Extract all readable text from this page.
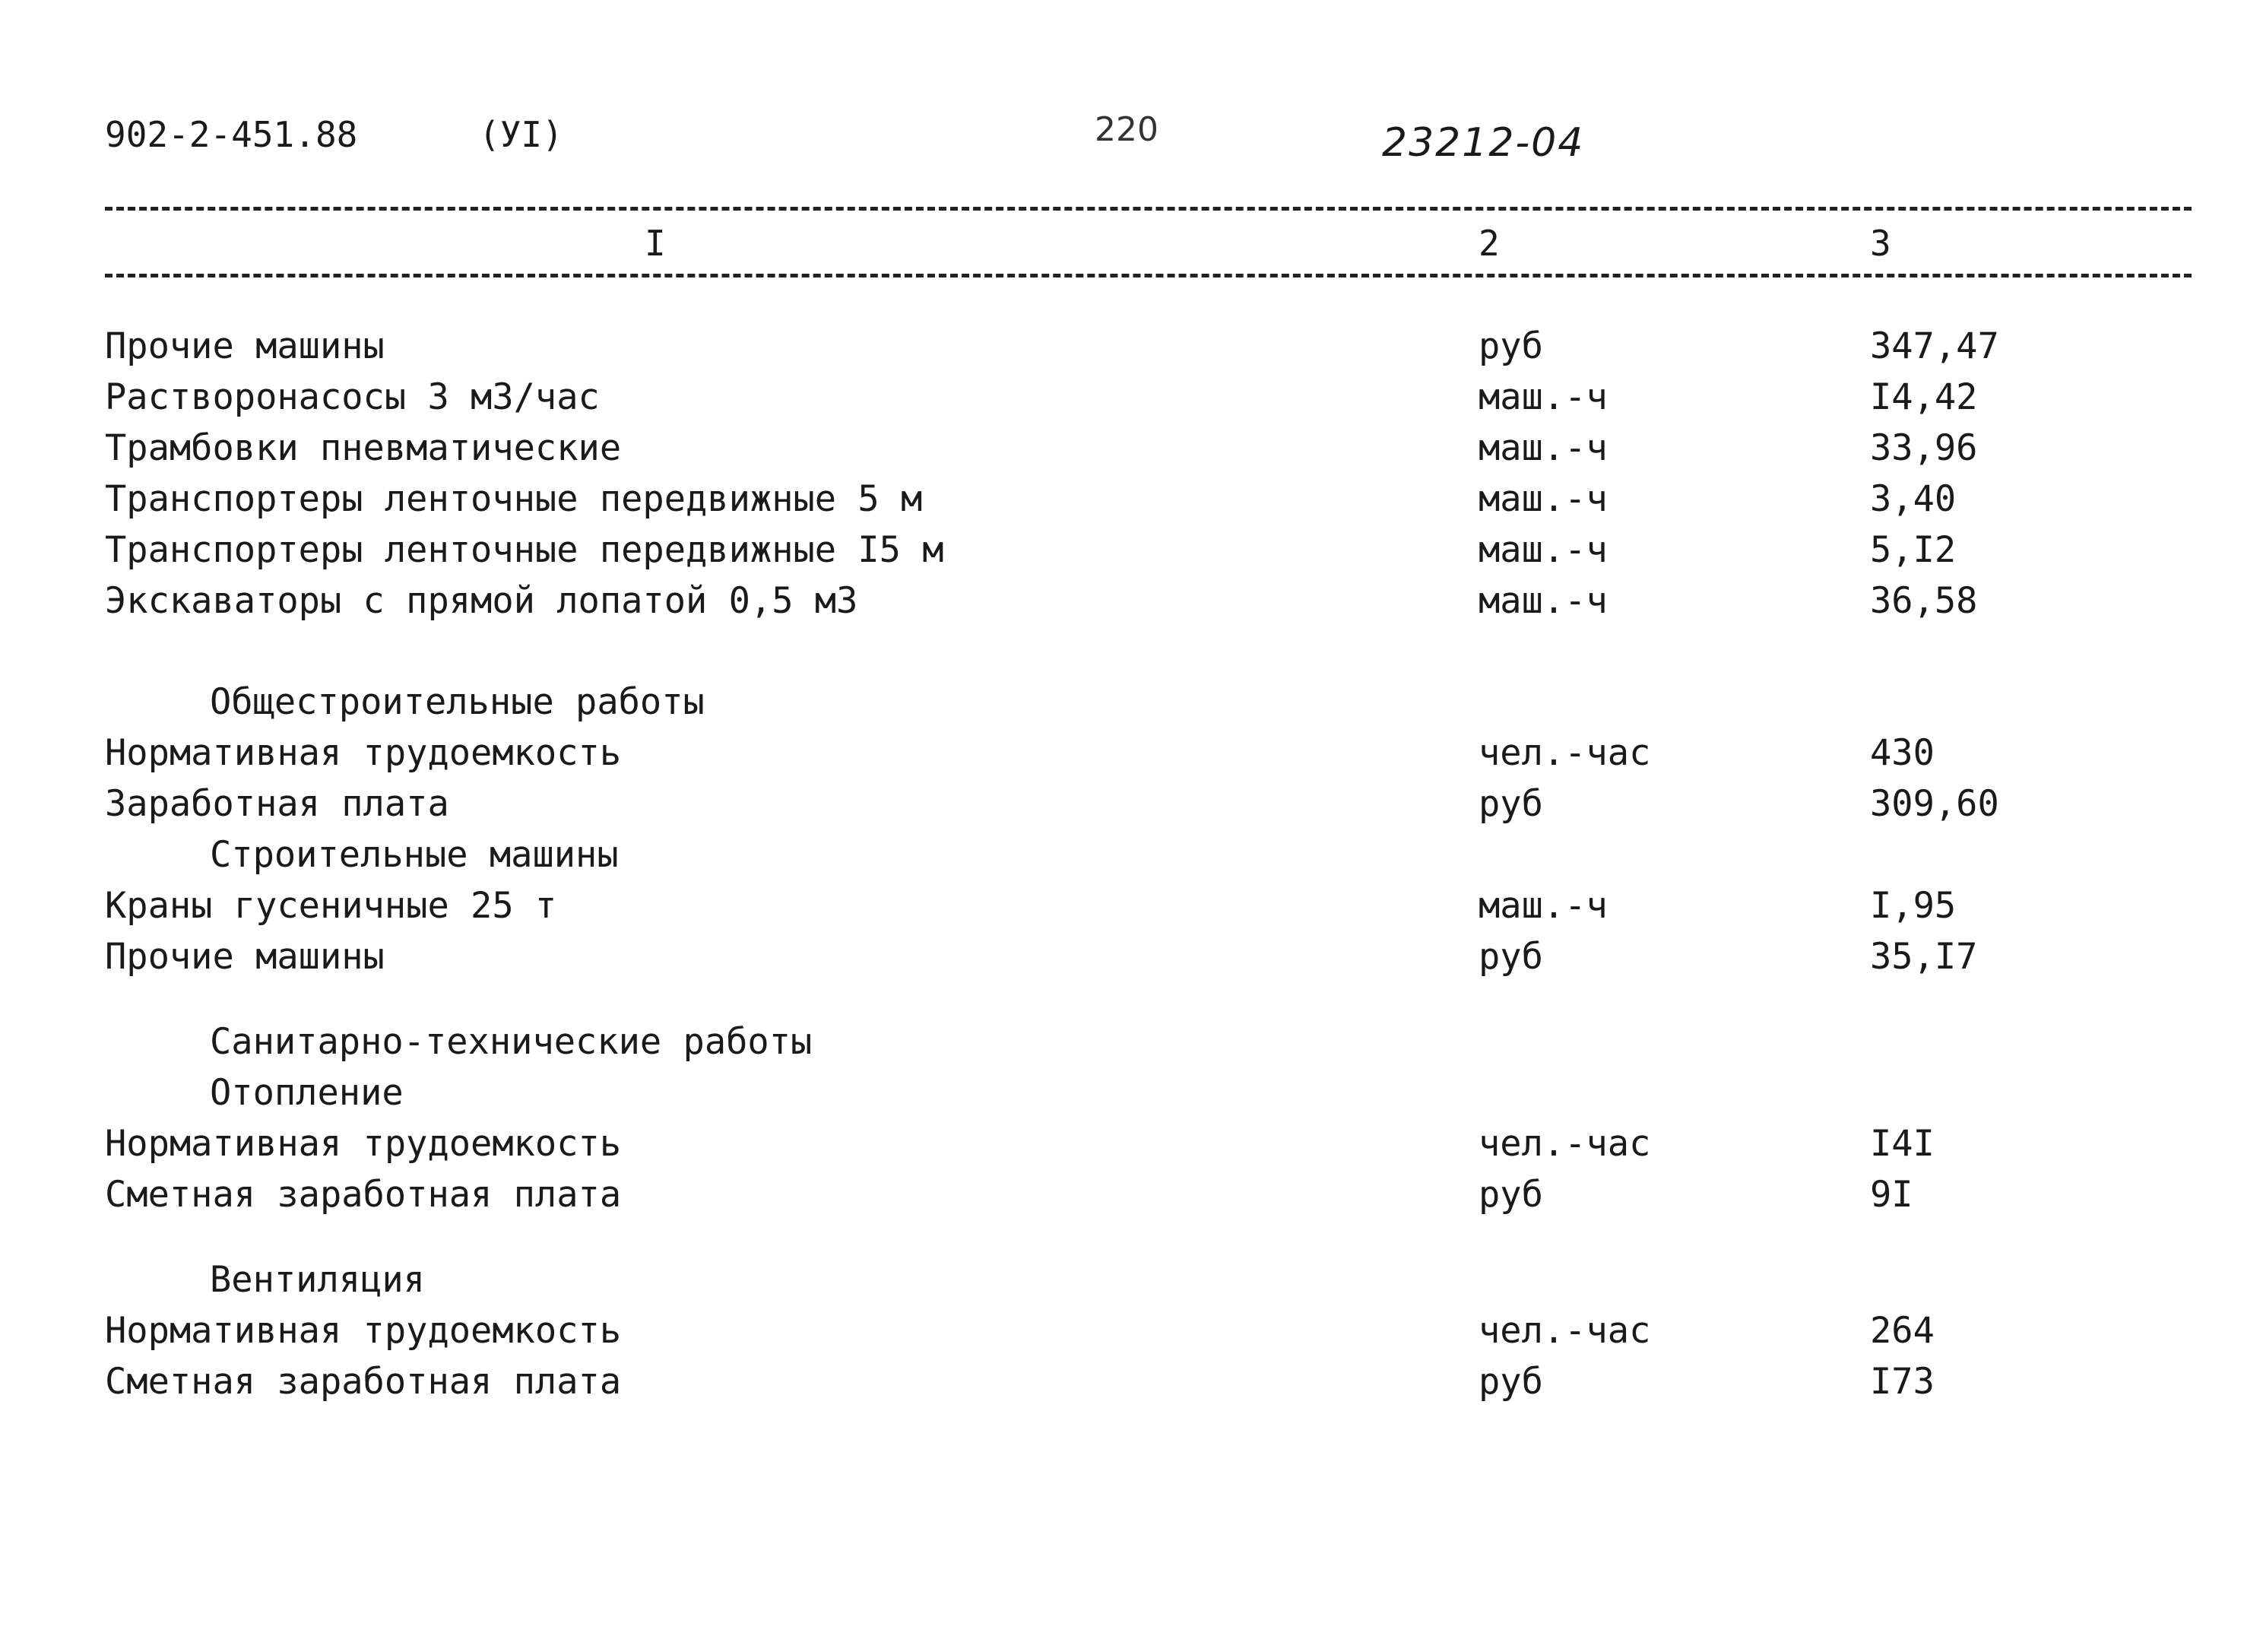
902-2-451.88	(УI)	220	23212-04
I	2	3
Прочие машины	руб	347,47
Растворонасосы 3 м3/час	маш.-ч	I4,42
Трамбовки пневматические	маш.-ч	33,96
Транспортеры ленточные передвижные 5 м	маш.-ч	3,40
Транспортеры ленточные передвижные I5 м	маш.-ч	5,I2
Экскаваторы с прямой лопатой 0,5 м3	маш.-ч	36,58
Общестроительные работы
Нормативная трудоемкость	чел.-час	430
Заработная плата	руб	309,60
Строительные машины
Краны гусеничные 25 т	маш.-ч	I,95
Прочие машины	руб	35,I7
Санитарно-технические работы
Отопление
Нормативная трудоемкость	чел.-час	I4I
Сметная заработная плата	руб	9I
Вентиляция
Нормативная трудоемкость	чел.-час	264
Сметная заработная плата	руб	I73
